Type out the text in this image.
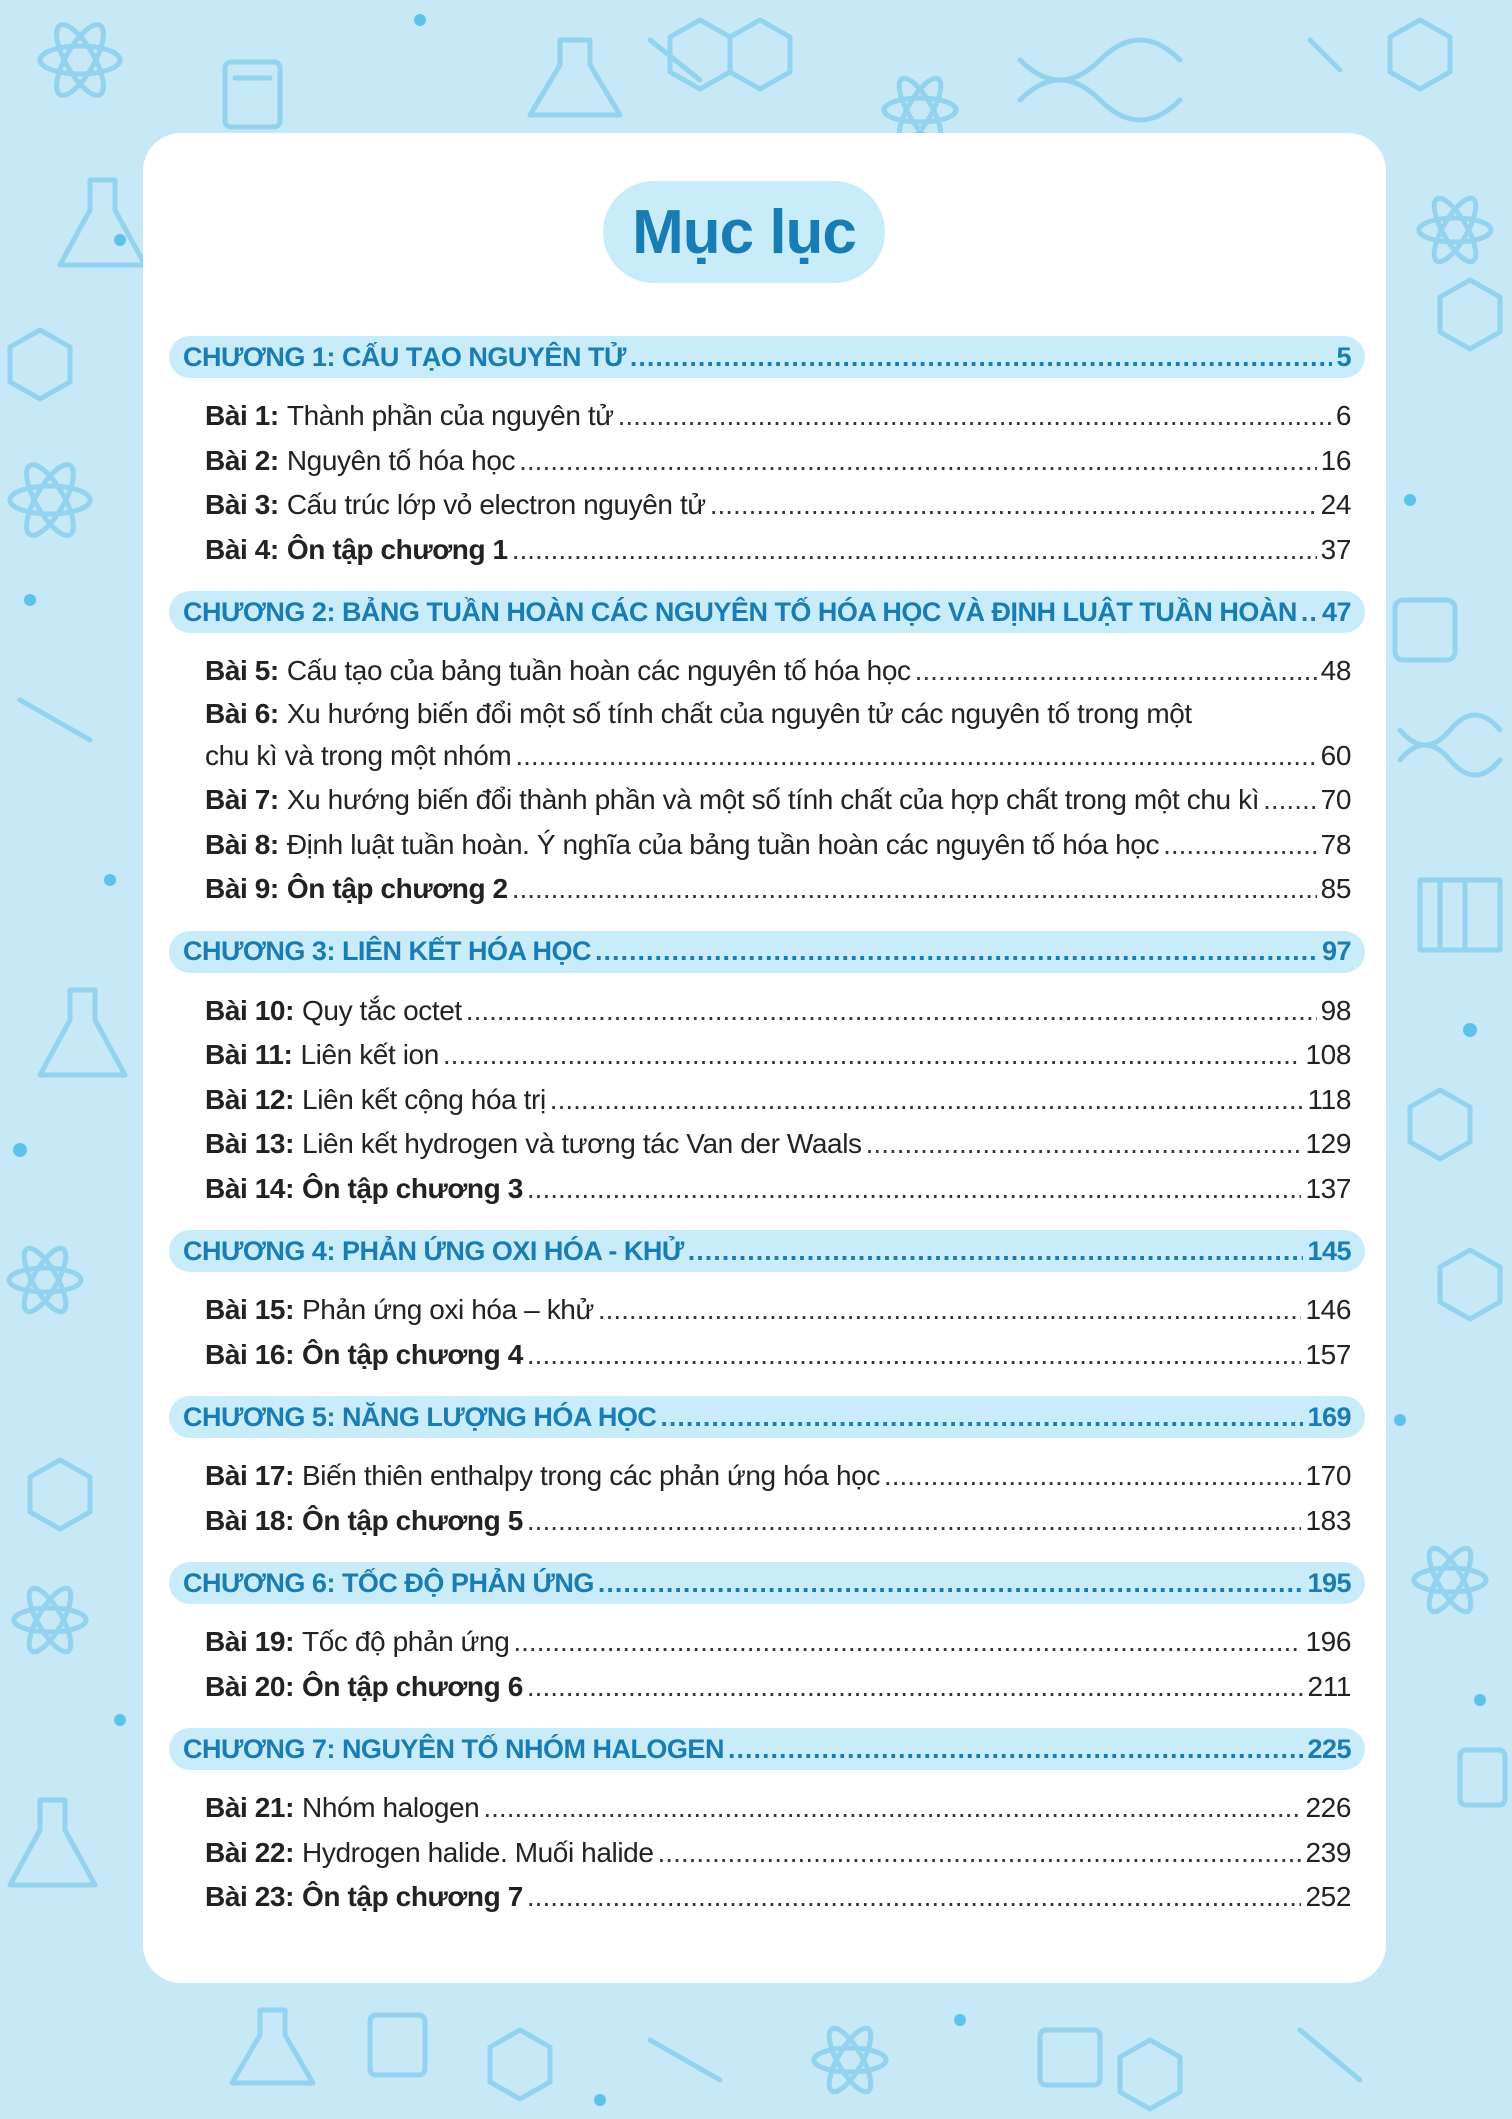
Mục lục
CHƯƠNG 1: CẤU TẠO NGUYÊN TỬ .....	5
Bài 1: Thành phần của nguyên tử .....	6
Bài 2: Nguyên tố hóa học .....	16
Bài 3: Cấu trúc lớp vỏ electron nguyên tử .....	24
Bài 4: Ôn tập chương 1 .....	37
CHƯƠNG 2: BẢNG TUẦN HOÀN CÁC NGUYÊN TỐ HÓA HỌC VÀ ĐỊNH LUẬT TUẦN HOÀN ..... 47
Bài 5: Cấu tạo của bảng tuần hoàn các nguyên tố hóa học .....	48
Bài 6: Xu hướng biến đổi một số tính chất của nguyên tử các nguyên tố trong một
chu kì và trong một nhóm .....	60
Bài 7: Xu hướng biến đổi thành phần và một số tính chất của hợp chất trong một chu kì ..... 70
Bài 8: Định luật tuần hoàn. Ý nghĩa của bảng tuần hoàn các nguyên tố hóa học .....	78
Bài 9: Ôn tập chương 2 .....	85
CHƯƠNG 3: LIÊN KẾT HÓA HỌC .....	97
Bài 10: Quy tắc octet .....	98
Bài 11: Liên kết ion .....	108
Bài 12: Liên kết cộng hóa trị .....	118
Bài 13: Liên kết hydrogen và tương tác Van der Waals .....	129
Bài 14: Ôn tập chương 3 .....	137
CHƯƠNG 4: PHẢN ỨNG OXI HÓA - KHỬ .....	145
Bài 15: Phản ứng oxi hóa – khử .....	146
Bài 16: Ôn tập chương 4 .....	157
CHƯƠNG 5: NĂNG LƯỢNG HÓA HỌC .....	169
Bài 17: Biến thiên enthalpy trong các phản ứng hóa học .....	170
Bài 18: Ôn tập chương 5 .....	183
CHƯƠNG 6: TỐC ĐỘ PHẢN ỨNG .....	195
Bài 19: Tốc độ phản ứng .....	196
Bài 20: Ôn tập chương 6 .....	211
CHƯƠNG 7: NGUYÊN TỐ NHÓM HALOGEN .....	225
Bài 21: Nhóm halogen .....	226
Bài 22: Hydrogen halide. Muối halide .....	239
Bài 23: Ôn tập chương 7 .....	252
